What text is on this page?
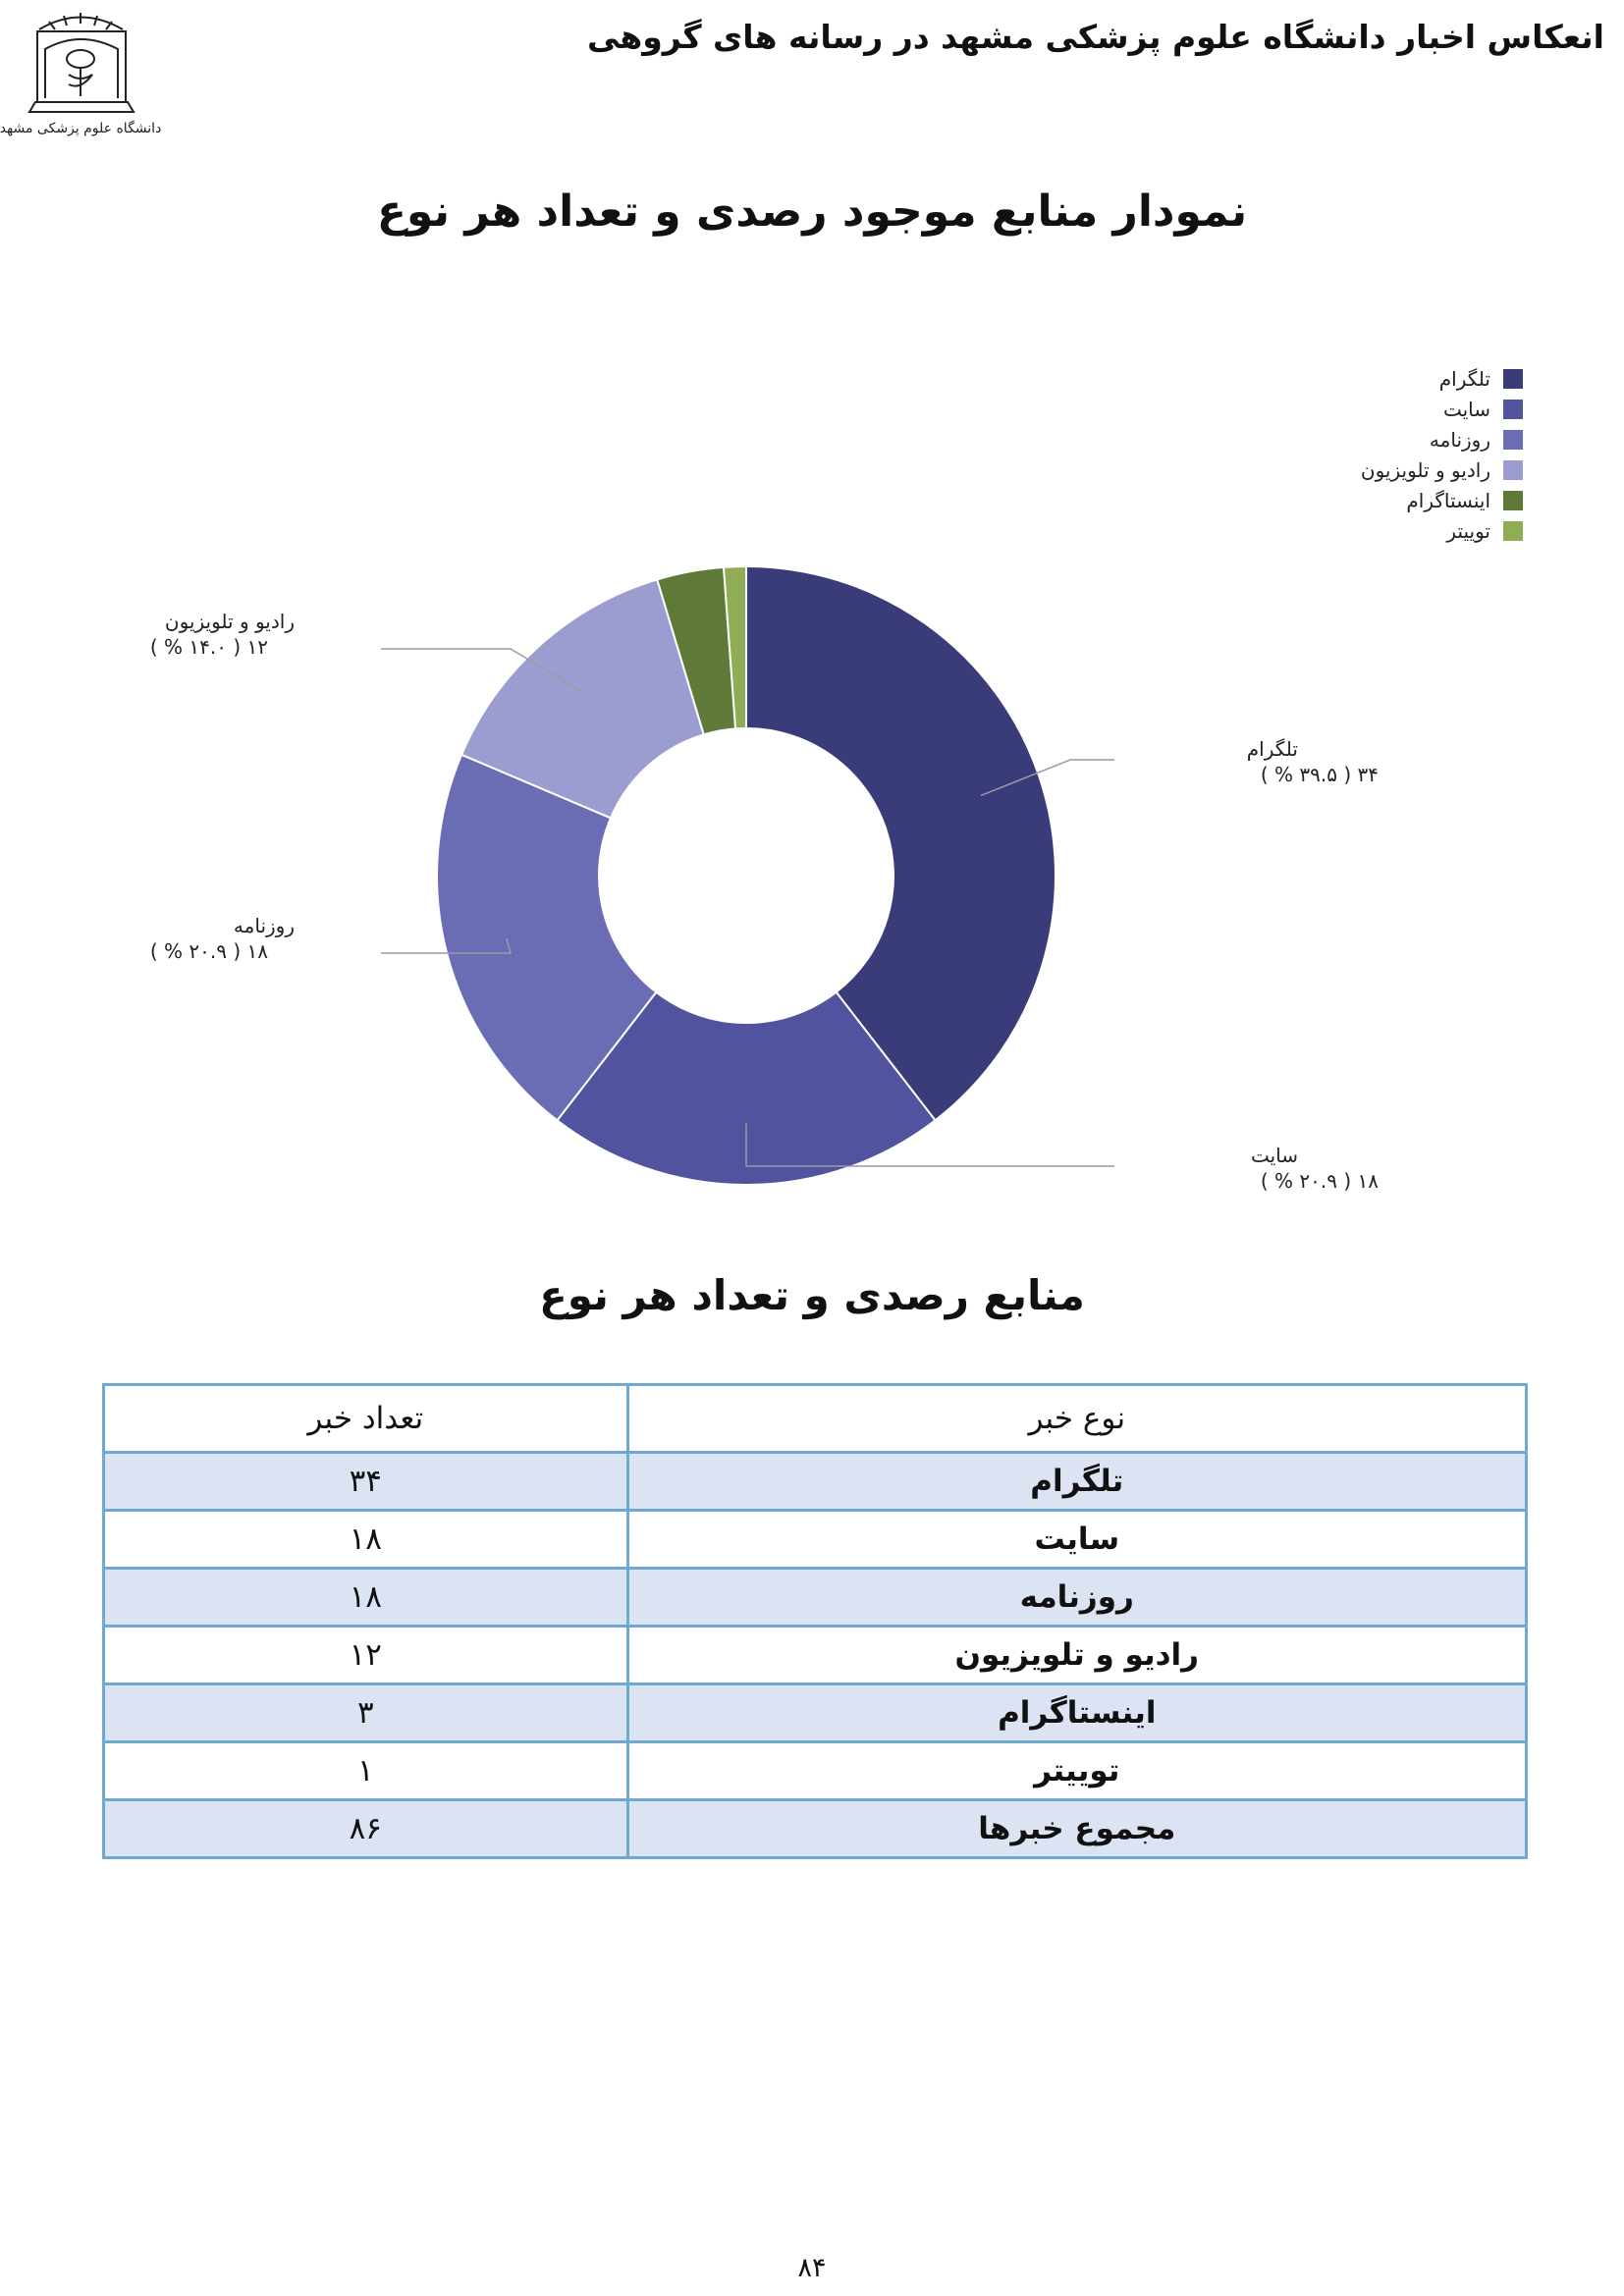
انعکاس اخبار دانشگاه علوم پزشکی مشهد در رسانه های گروهی
دانشگاه علوم پزشکی مشهد
نمودار منابع موجود رصدی و تعداد هر نوع
تلگرام
۳۴ ( ۳۹.۵ % )
سایت
۱۸ ( ۲۰.۹ % )
روزنامه
۱۸ ( ۲۰.۹ % )
رادیو و تلویزیون
۱۲ ( ۱۴.۰ % )
تلگرام
سایت
روزنامه
رادیو و تلویزیون
اینستاگرام
توییتر
منابع رصدی و تعداد هر نوع
نوع خبر	تعداد خبر
تلگرام	۳۴
سایت	۱۸
روزنامه	۱۸
رادیو و تلویزیون	۱۲
اینستاگرام	۳
توییتر	۱
مجموع خبرها	۸۶
۸۴
